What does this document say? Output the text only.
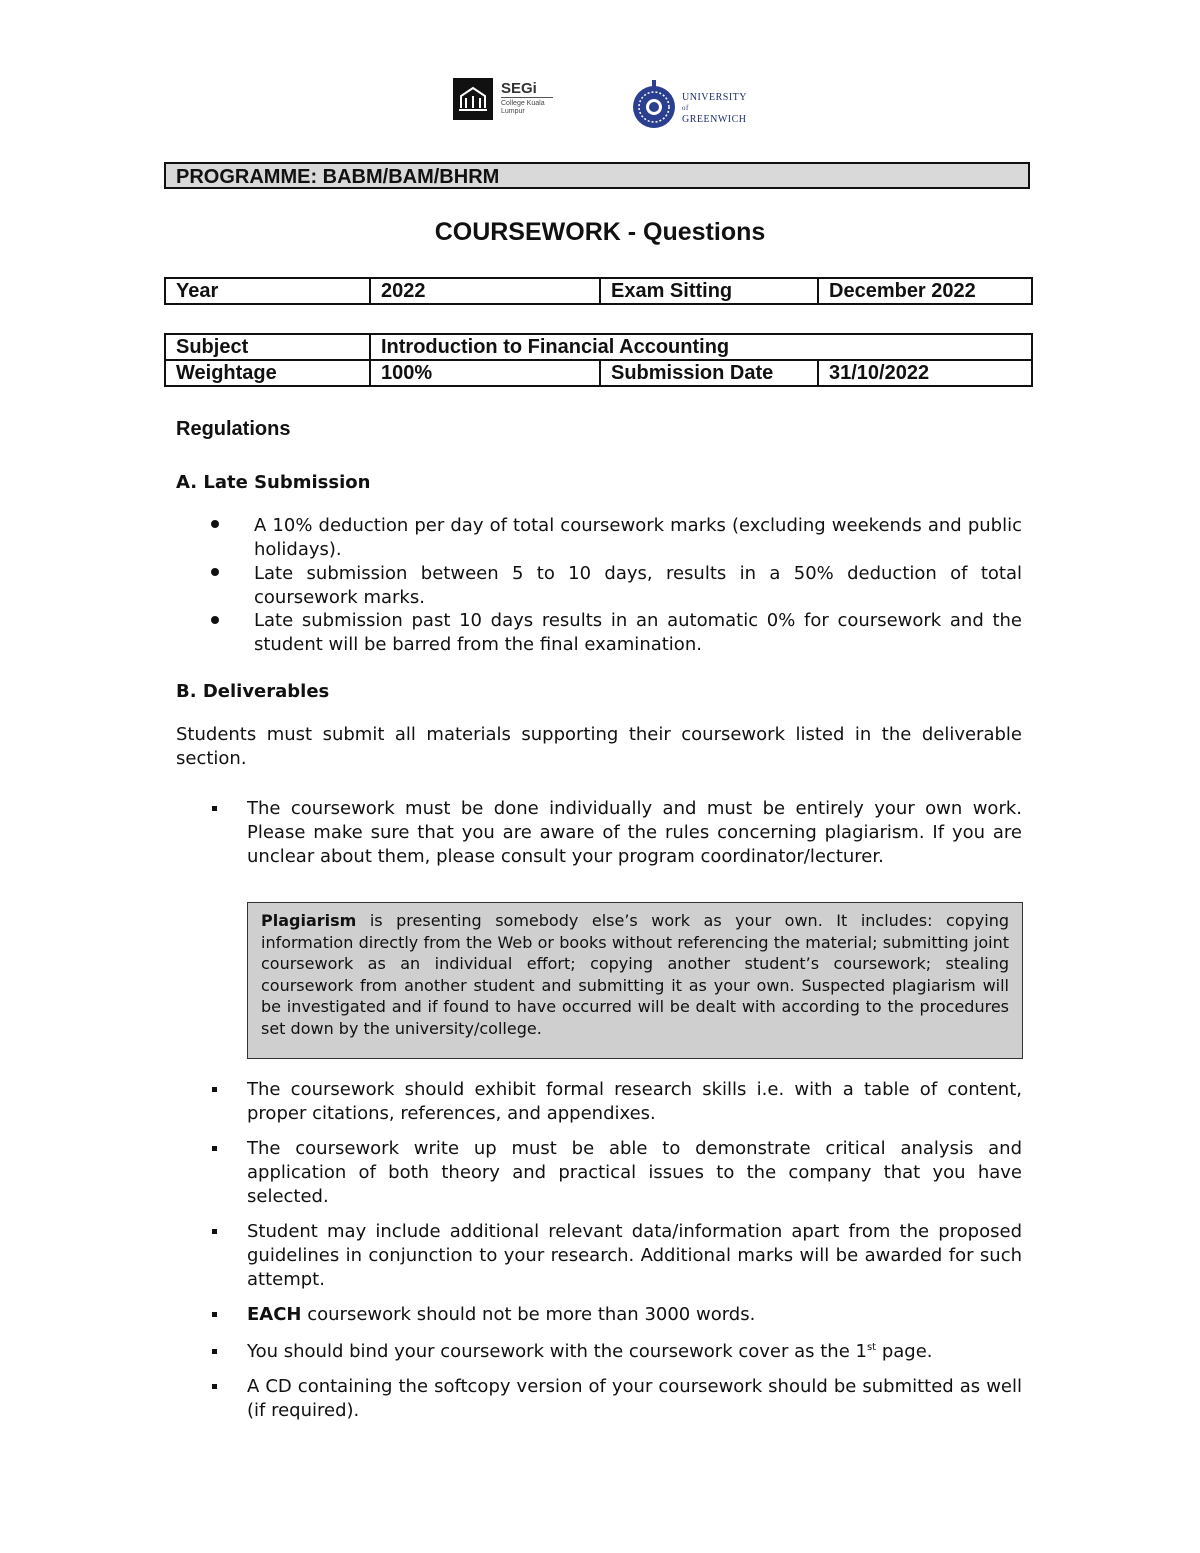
SEGi
College Kuala Lumpur
UNIVERSITY
of
GREENWICH
PROGRAMME: BABM/BAM/BHRM
COURSEWORK - Questions
Year	2022	Exam Sitting	December 2022
Subject	Introduction to Financial Accounting		
Weightage	100%	Submission Date	31/10/2022
Regulations
A. Late Submission
A 10% deduction per day of total coursework marks (excluding weekends and public holidays).
Late submission between 5 to 10 days, results in a 50% deduction of total coursework marks.
Late submission past 10 days results in an automatic 0% for coursework and the student will be barred from the final examination.
B. Deliverables
Students must submit all materials supporting their coursework listed in the deliverable section.
The coursework must be done individually and must be entirely your own work. Please make sure that you are aware of the rules concerning plagiarism. If you are unclear about them, please consult your program coordinator/lecturer.
Plagiarism is presenting somebody else’s work as your own. It includes: copying information directly from the Web or books without referencing the material; submitting joint coursework as an individual effort; copying another student’s coursework; stealing coursework from another student and submitting it as your own. Suspected plagiarism will be investigated and if found to have occurred will be dealt with according to the procedures set down by the university/college.
The coursework should exhibit formal research skills i.e. with a table of content, proper citations, references, and appendixes.
The coursework write up must be able to demonstrate critical analysis and application of both theory and practical issues to the company that you have selected.
Student may include additional relevant data/information apart from the proposed guidelines in conjunction to your research. Additional marks will be awarded for such attempt.
EACH coursework should not be more than 3000 words.
You should bind your coursework with the coursework cover as the 1st page.
A CD containing the softcopy version of your coursework should be submitted as well (if required).
